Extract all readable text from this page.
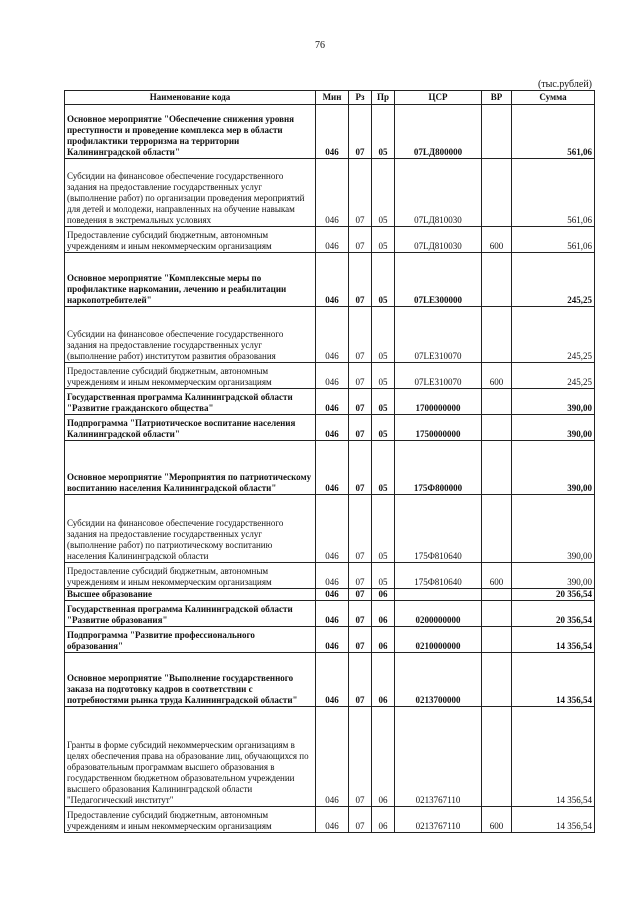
76
(тыс.рублей)
Наименование кода	Мин	Рз	Пр	ЦСР	ВР	Сумма
Основное мероприятие "Обеспечение снижения уровня преступности и проведение комплекса мер в области профилактики терроризма на территории Калининградской области"	046	07	05	07LД800000		561,06
Субсидии на финансовое обеспечение государственного задания на предоставление государственных услуг (выполнение работ) по организации проведения мероприятий для детей и молодежи, направленных на обучение навыкам поведения в экстремальных условиях	046	07	05	07LД810030		561,06
Предоставление субсидий бюджетным, автономным учреждениям и иным некоммерческим организациям	046	07	05	07LД810030	600	561,06
Основное мероприятие "Комплексные меры по профилактике наркомании, лечению и реабилитации наркопотребителей"	046	07	05	07LЕ300000		245,25
Субсидии на финансовое обеспечение государственного задания на предоставление государственных услуг (выполнение работ) институтом развития образования	046	07	05	07LЕ310070		245,25
Предоставление субсидий бюджетным, автономным учреждениям и иным некоммерческим организациям	046	07	05	07LЕ310070	600	245,25
Государственная программа Калининградской области "Развитие гражданского общества"	046	07	05	1700000000		390,00
Подпрограмма "Патриотическое воспитание населения Калининградской области"	046	07	05	1750000000		390,00
Основное мероприятие "Мероприятия по патриотическому воспитанию населения Калининградской области"	046	07	05	175Ф800000		390,00
Субсидии на финансовое обеспечение государственного задания на предоставление государственных услуг (выполнение работ) по патриотическому воспитанию населения Калининградской области	046	07	05	175Ф810640		390,00
Предоставление субсидий бюджетным, автономным учреждениям и иным некоммерческим организациям	046	07	05	175Ф810640	600	390,00
Высшее образование	046	07	06			20 356,54
Государственная программа Калининградской области "Развитие образования"	046	07	06	0200000000		20 356,54
Подпрограмма "Развитие профессионального образования"	046	07	06	0210000000		14 356,54
Основное мероприятие "Выполнение государственного заказа на подготовку кадров в соответствии с потребностями рынка труда Калининградской области"	046	07	06	0213700000		14 356,54
Гранты в форме субсидий некоммерческим организациям в целях обеспечения права на образование лиц, обучающихся по образовательным программам высшего образования в государственном бюджетном образовательном учреждении высшего образования Калининградской области "Педагогический институт"	046	07	06	0213767110		14 356,54
Предоставление субсидий бюджетным, автономным учреждениям и иным некоммерческим организациям	046	07	06	0213767110	600	14 356,54
